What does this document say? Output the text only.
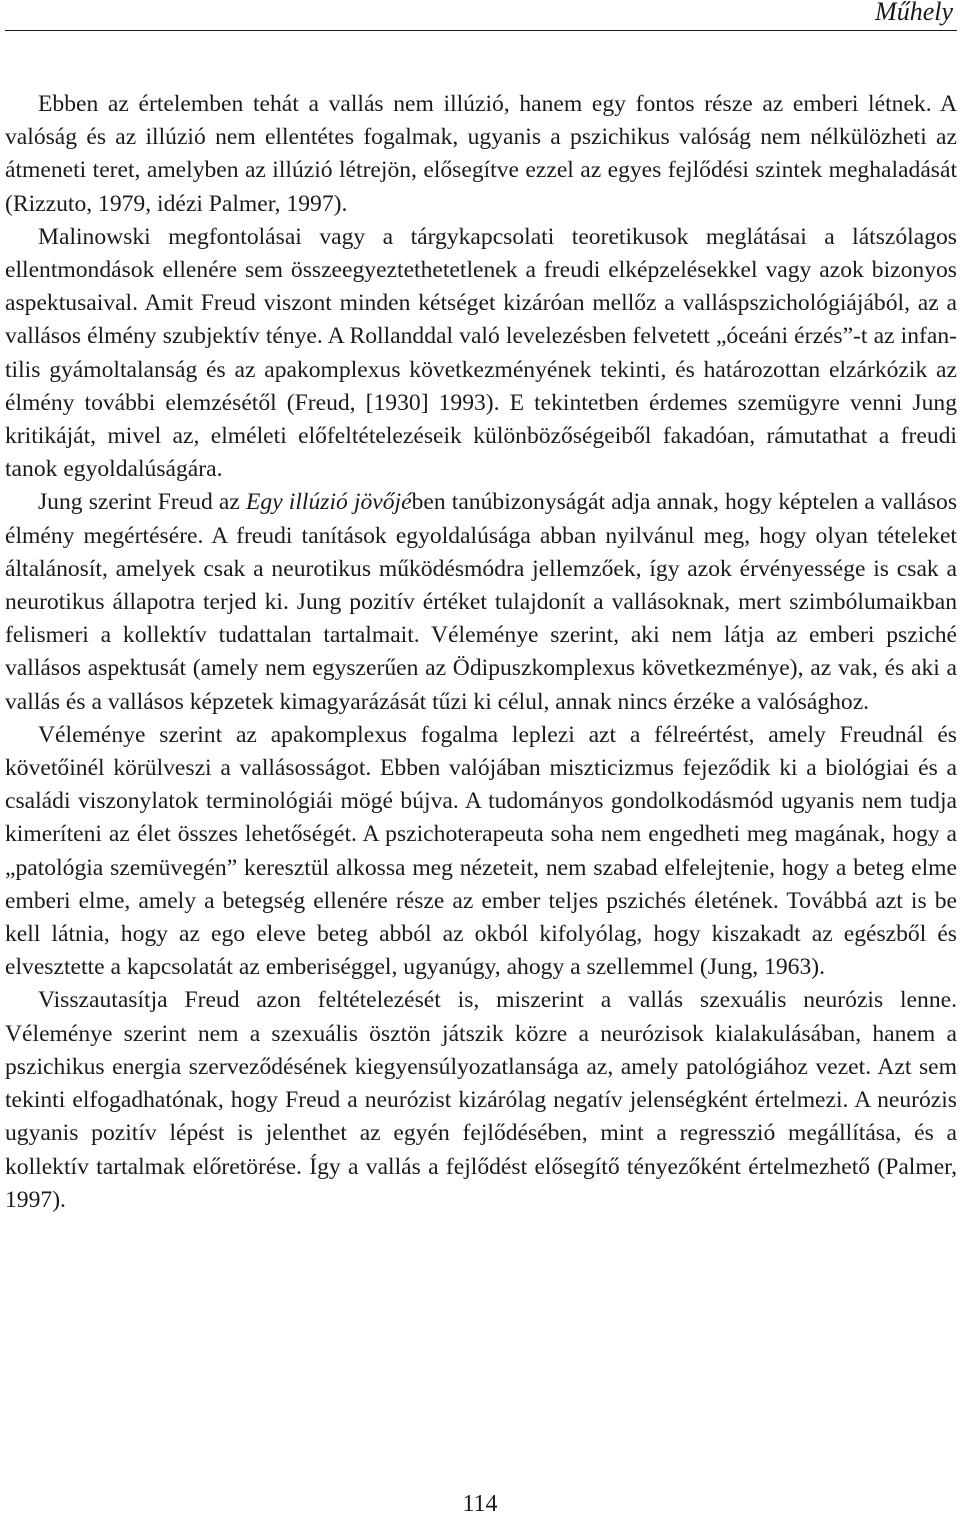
Műhely

Ebben az értelemben tehát a vallás nem illúzió, hanem egy fontos része az emberi létnek. A valóság és az illúzió nem ellentétes fogalmak, ugyanis a pszichikus valóság nem nélkülözheti az átmeneti teret, amelyben az illúzió létrejön, elősegítve ezzel az egyes fejlődési szintek meghaladását (Rizzuto, 1979, idézi Palmer, 1997).

Malinowski megfontolásai vagy a tárgykapcsolati teoretikusok meglátásai a látszólagos ellentmondások ellenére sem összeegyeztethetetlenek a freudi elképzelésekkel vagy azok bizonyos aspektusaival. Amit Freud viszont minden kétséget kizáróan mellőz a valláspszichológiájából, az a vallásos élmény szubjektív ténye. A Rollanddal való levelezésben felvetett „óceáni érzés”-t az infantilis gyámoltalanság és az apakomplexus következményének tekinti, és határozottan elzárkózik az élmény további elemzésétől (Freud, [1930] 1993). E tekintetben érdemes szemügyre venni Jung kritikáját, mivel az, elméleti előfeltételezéseik különbözőségeiből fakadóan, rámutathat a freudi tanok egyoldalúságára.

Jung szerint Freud az Egy illúzió jövőjében tanúbizonyságát adja annak, hogy képtelen a vallásos élmény megértésére. A freudi tanítások egyoldalúsága abban nyilvánul meg, hogy olyan tételeket általánosít, amelyek csak a neurotikus működésmódra jellemzőek, így azok érvényessége is csak a neurotikus állapotra terjed ki. Jung pozitív értéket tulajdonít a vallásoknak, mert szimbólumaikban felismeri a kollektív tudattalan tartalmait. Véleménye szerint, aki nem látja az emberi psziché vallásos aspektusát (amely nem egyszerűen az Ödipuszkomplexus következménye), az vak, és aki a vallás és a vallásos képzetek kimagyarázását tűzi ki célul, annak nincs érzéke a valósághoz.

Véleménye szerint az apakomplexus fogalma leplezi azt a félreértést, amely Freudnál és követőinél körülveszi a vallásosságot. Ebben valójában miszticizmus fejeződik ki a biológiai és a családi viszonylatok terminológiái mögé bújva. A tudományos gondolkodásmód ugyanis nem tudja kimeríteni az élet összes lehetőségét. A pszichoterapeuta soha nem engedheti meg magának, hogy a „patológia szemüvegén” keresztül alkossa meg nézeteit, nem szabad elfelejtenie, hogy a beteg elme emberi elme, amely a betegség ellenére része az ember teljes pszichés életének. Továbbá azt is be kell látnia, hogy az ego eleve beteg abból az okból kifolyólag, hogy kiszakadt az egészből és elvesztette a kapcsolatát az emberiséggel, ugyanúgy, ahogy a szellemmel (Jung, 1963).

Visszautasítja Freud azon feltételezését is, miszerint a vallás szexuális neurózis lenne. Véleménye szerint nem a szexuális ösztön játszik közre a neurózisok kialakulásában, hanem a pszichikus energia szerveződésének kiegyensúlyozatlansága az, amely patológiához vezet. Azt sem tekinti elfogadhatónak, hogy Freud a neurózist kizárólag negatív jelenségként értelmezi. A neurózis ugyanis pozitív lépést is jelenthet az egyén fejlődésében, mint a regresszió megállítása, és a kollektív tartalmak előretörése. Így a vallás a fejlődést elősegítő tényezőként értelmezhető (Palmer, 1997).

114
